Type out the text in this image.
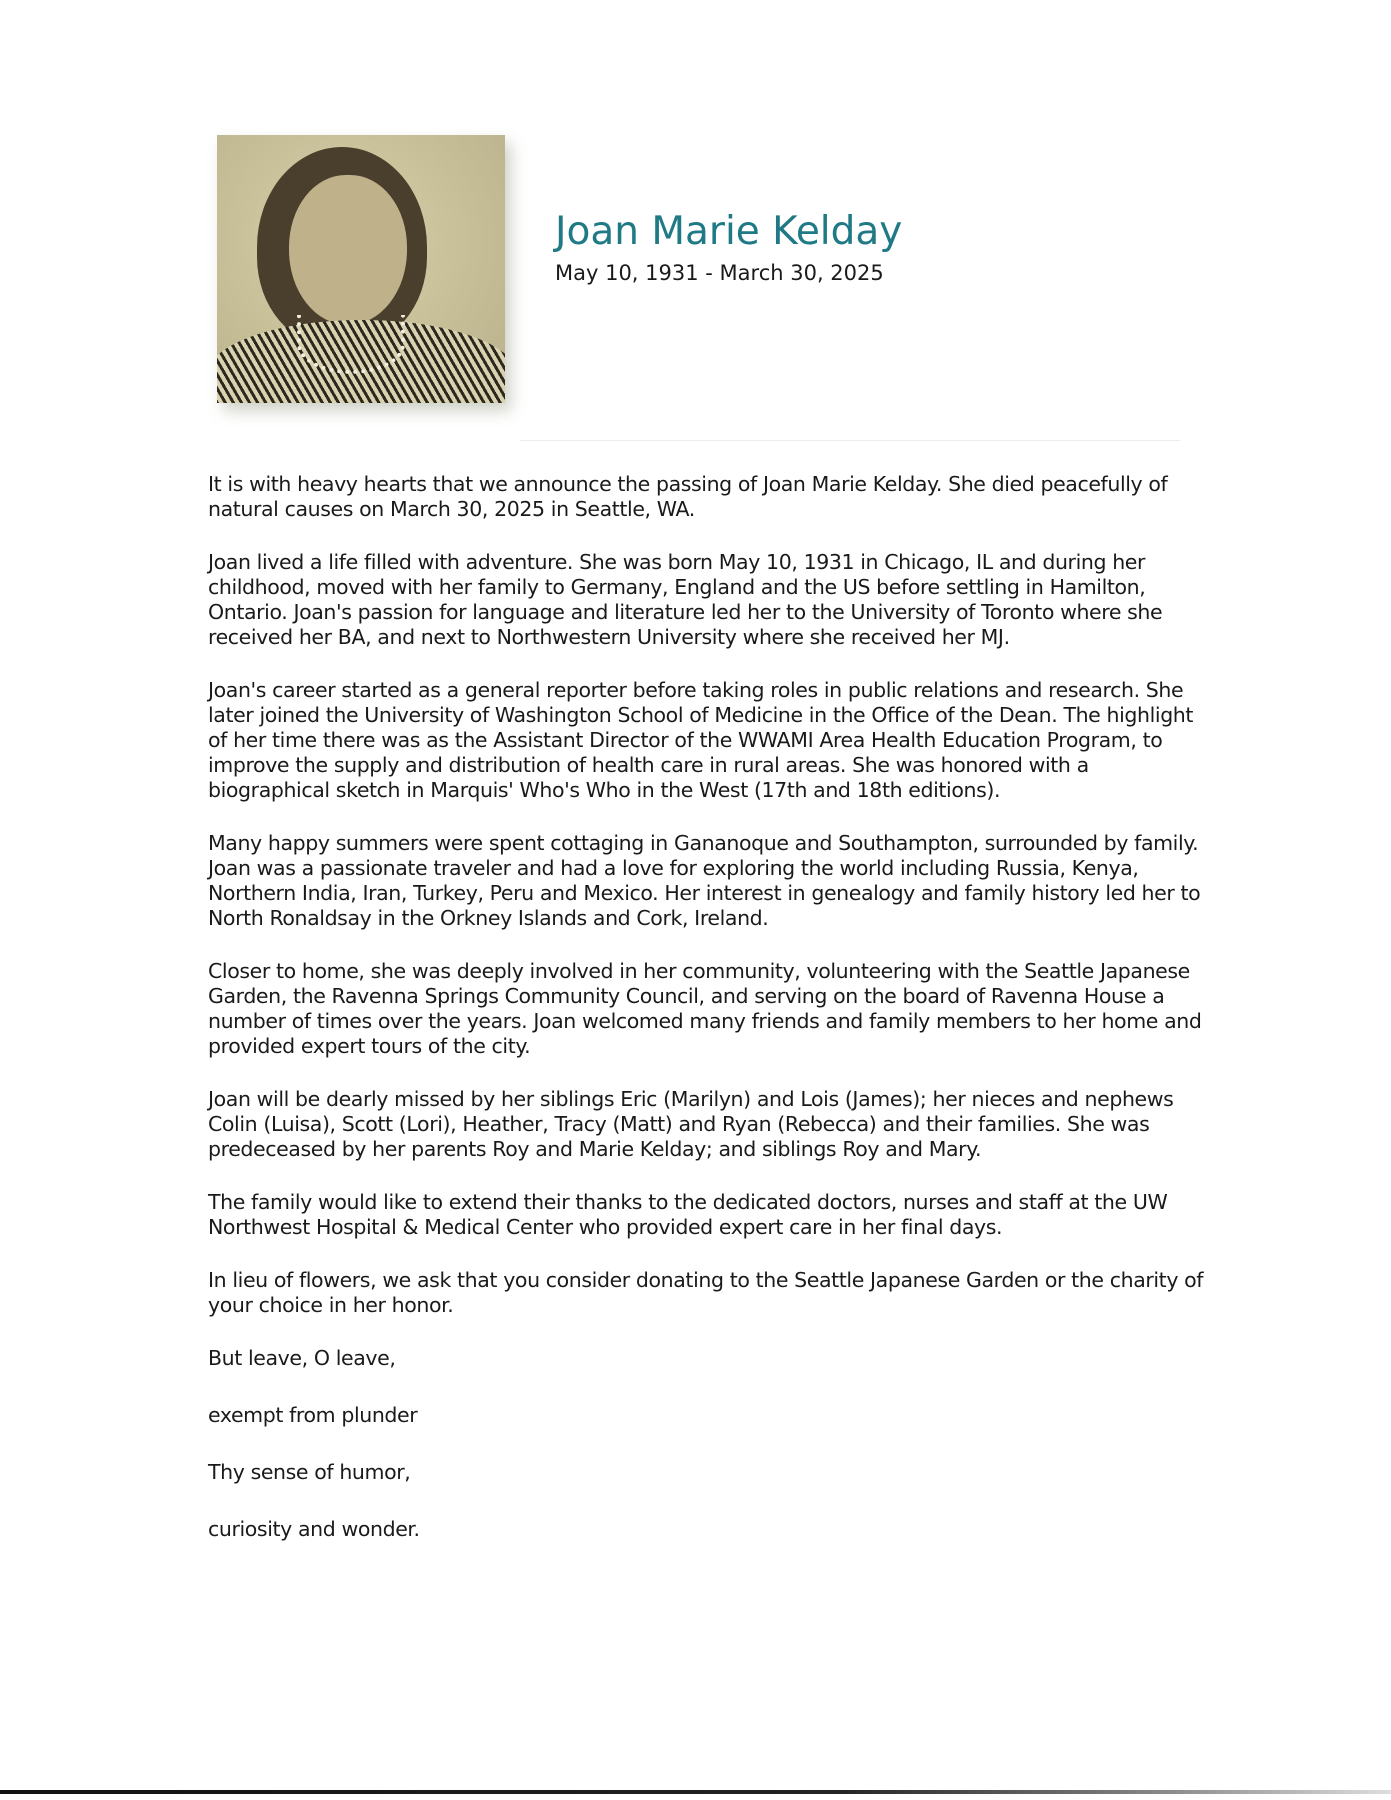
Joan Marie Kelday
May 10, 1931 - March 30, 2025

It is with heavy hearts that we announce the passing of Joan Marie Kelday. She died peacefully of natural causes on March 30, 2025 in Seattle, WA.

Joan lived a life filled with adventure. She was born May 10, 1931 in Chicago, IL and during her childhood, moved with her family to Germany, England and the US before settling in Hamilton, Ontario. Joan's passion for language and literature led her to the University of Toronto where she received her BA, and next to Northwestern University where she received her MJ.

Joan's career started as a general reporter before taking roles in public relations and research. She later joined the University of Washington School of Medicine in the Office of the Dean. The highlight of her time there was as the Assistant Director of the WWAMI Area Health Education Program, to improve the supply and distribution of health care in rural areas. She was honored with a biographical sketch in Marquis' Who's Who in the West (17th and 18th editions).

Many happy summers were spent cottaging in Gananoque and Southampton, surrounded by family. Joan was a passionate traveler and had a love for exploring the world including Russia, Kenya, Northern India, Iran, Turkey, Peru and Mexico. Her interest in genealogy and family history led her to North Ronaldsay in the Orkney Islands and Cork, Ireland.

Closer to home, she was deeply involved in her community, volunteering with the Seattle Japanese Garden, the Ravenna Springs Community Council, and serving on the board of Ravenna House a number of times over the years. Joan welcomed many friends and family members to her home and provided expert tours of the city.

Joan will be dearly missed by her siblings Eric (Marilyn) and Lois (James); her nieces and nephews Colin (Luisa), Scott (Lori), Heather, Tracy (Matt) and Ryan (Rebecca) and their families. She was predeceased by her parents Roy and Marie Kelday; and siblings Roy and Mary.

The family would like to extend their thanks to the dedicated doctors, nurses and staff at the UW Northwest Hospital & Medical Center who provided expert care in her final days.

In lieu of flowers, we ask that you consider donating to the Seattle Japanese Garden or the charity of your choice in her honor.

But leave, O leave,

exempt from plunder

Thy sense of humor,

curiosity and wonder.
